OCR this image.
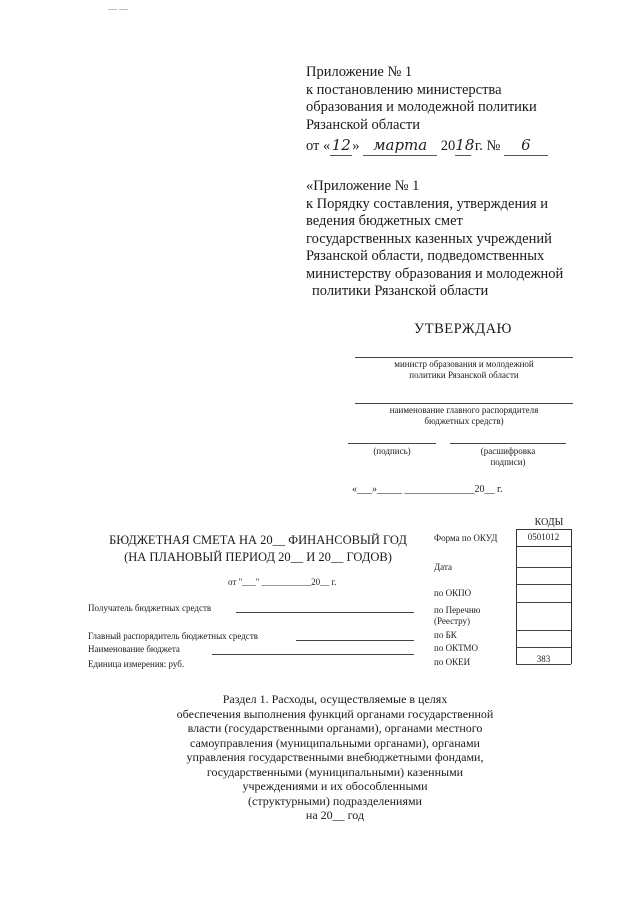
— —
Приложение № 1
к постановлению министерства
образования и молодежной политики
Рязанской области
от «12» марта 2018 г. № 6
«Приложение № 1
к Порядку составления, утверждения и
ведения бюджетных смет
государственных казенных учреждений
Рязанской области, подведомственных
министерству образования и молодежной
политики Рязанской области
УТВЕРЖДАЮ
министр образования и молодежной
политики Рязанской области
наименование главного распорядителя
бюджетных средств)
(подпись)	(расшифровка
подписи)
«___»_____ ______________20__ г.
БЮДЖЕТНАЯ СМЕТА НА 20__ ФИНАНСОВЫЙ ГОД
(НА ПЛАНОВЫЙ ПЕРИОД 20__ И 20__ ГОДОВ)
КОДЫ
0501012
383
Форма по ОКУД
Дата
по ОКПО
по Перечню
(Реестру)
по БК
по ОКТМО
по ОКЕИ
от "___" ___________20__ г.
Получатель бюджетных средств
Главный распорядитель бюджетных средств
Наименование бюджета
Единица измерения: руб.
Раздел 1. Расходы, осуществляемые в целях
обеспечения выполнения функций органами государственной
власти (государственными органами), органами местного
самоуправления (муниципальными органами), органами
управления государственными внебюджетными фондами,
государственными (муниципальными) казенными
учреждениями и их обособленными
(структурными) подразделениями
на 20__ год
